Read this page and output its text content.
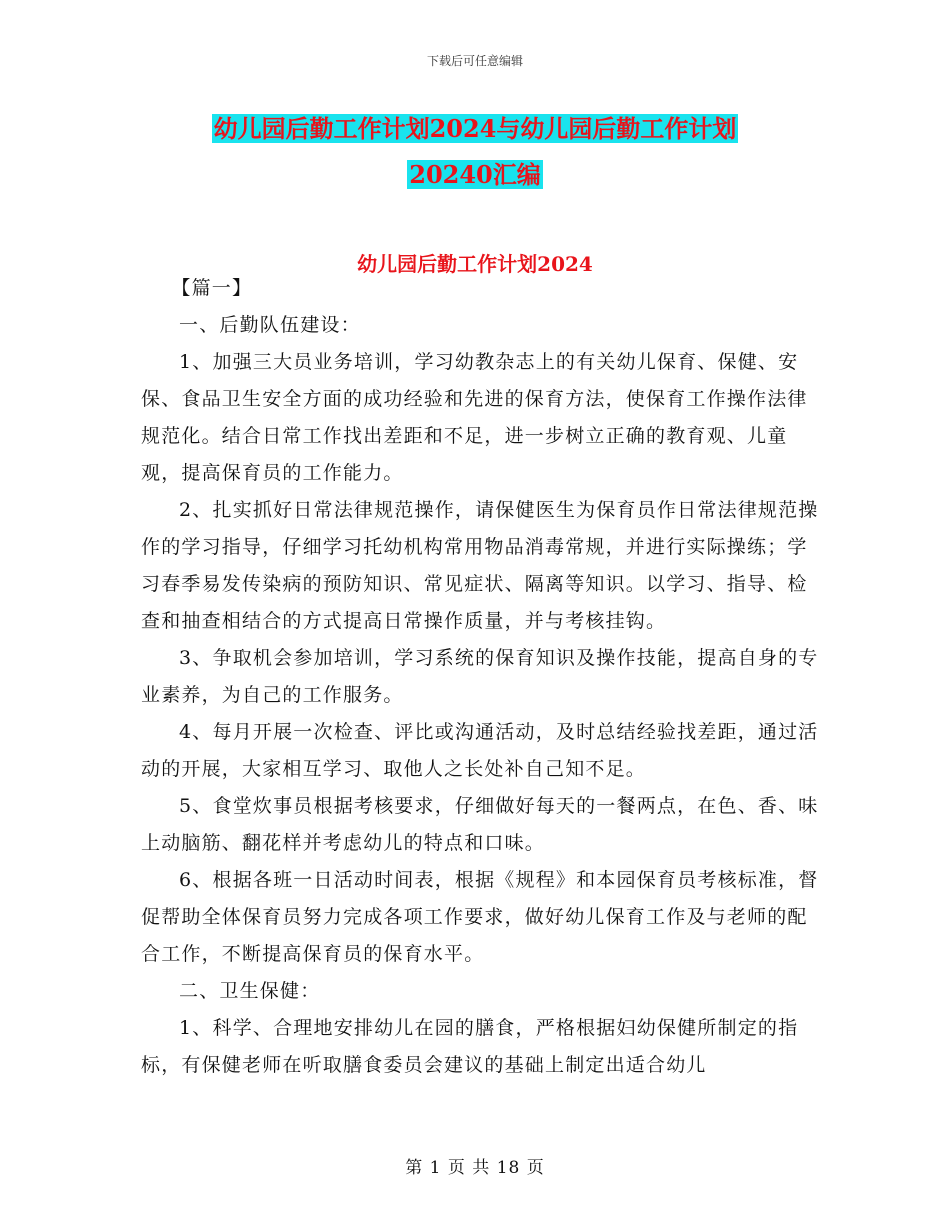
下载后可任意编辑
幼儿园后勤工作计划2024与幼儿园后勤工作计划
20240汇编
幼儿园后勤工作计划2024

【篇一】

一、后勤队伍建设：

1、加强三大员业务培训，学习幼教杂志上的有关幼儿保育、保健、安保、食品卫生安全方面的成功经验和先进的保育方法，使保育工作操作法律规范化。结合日常工作找出差距和不足，进一步树立正确的教育观、儿童观，提高保育员的工作能力。

2、扎实抓好日常法律规范操作，请保健医生为保育员作日常法律规范操作的学习指导，仔细学习托幼机构常用物品消毒常规，并进行实际操练；学习春季易发传染病的预防知识、常见症状、隔离等知识。以学习、指导、检查和抽查相结合的方式提高日常操作质量，并与考核挂钩。

3、争取机会参加培训，学习系统的保育知识及操作技能，提高自身的专业素养，为自己的工作服务。

4、每月开展一次检查、评比或沟通活动，及时总结经验找差距，通过活动的开展，大家相互学习、取他人之长处补自己知不足。

5、食堂炊事员根据考核要求，仔细做好每天的一餐两点，在色、香、味上动脑筋、翻花样并考虑幼儿的特点和口味。

6、根据各班一日活动时间表，根据《规程》和本园保育员考核标准，督促帮助全体保育员努力完成各项工作要求，做好幼儿保育工作及与老师的配合工作，不断提高保育员的保育水平。

二、卫生保健：

1、科学、合理地安排幼儿在园的膳食，严格根据妇幼保健所制定的指标，有保健老师在听取膳食委员会建议的基础上制定出适合幼儿

第 1 页 共 18 页
